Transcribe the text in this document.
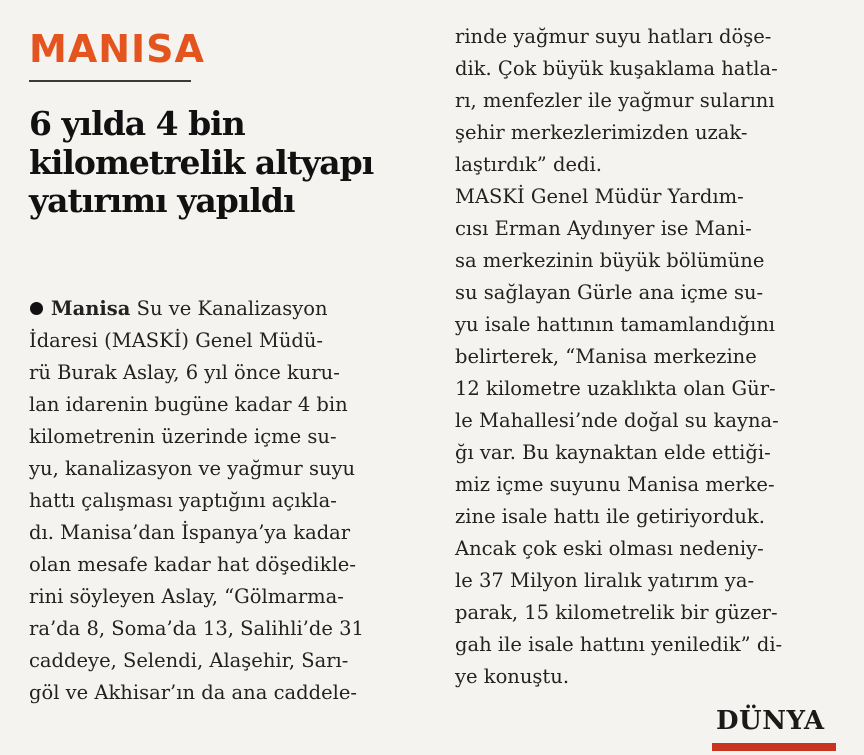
MANISA
6 yılda 4 bin kilometrelik altyapı yatırımı yapıldı
Manisa Su ve Kanalizasyon
İdaresi (MASKİ) Genel Müdü-
rü Burak Aslay, 6 yıl önce kuru-
lan idarenin bugüne kadar 4 bin
kilometrenin üzerinde içme su-
yu, kanalizasyon ve yağmur suyu
hattı çalışması yaptığını açıkla-
dı. Manisa’dan İspanya’ya kadar
olan mesafe kadar hat döşedikle-
rini söyleyen Aslay, “Gölmarma-
ra’da 8, Soma’da 13, Salihli’de 31
caddeye, Selendi, Alaşehir, Sarı-
göl ve Akhisar’ın da ana caddele-
rinde yağmur suyu hatları döşe-
dik. Çok büyük kuşaklama hatla-
rı, menfezler ile yağmur sularını
şehir merkezlerimizden uzak-
laştırdık” dedi.
MASKİ Genel Müdür Yardım-
cısı Erman Aydınyer ise Mani-
sa merkezinin büyük bölümüne
su sağlayan Gürle ana içme su-
yu isale hattının tamamlandığını
belirterek, “Manisa merkezine
12 kilometre uzaklıkta olan Gür-
le Mahallesi’nde doğal su kayna-
ğı var. Bu kaynaktan elde ettiği-
miz içme suyunu Manisa merke-
zine isale hattı ile getiriyorduk.
Ancak çok eski olması nedeniy-
le 37 Milyon liralık yatırım ya-
parak, 15 kilometrelik bir güzer-
gah ile isale hattını yeniledik” di-
ye konuştu.
DÜNYA
